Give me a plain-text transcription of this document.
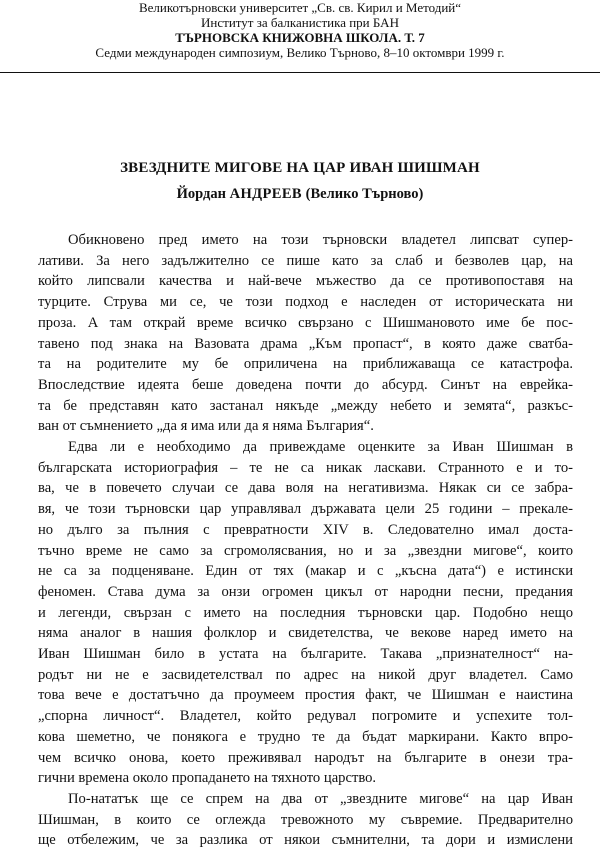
Великотърновски университет „Св. св. Кирил и Методий“
Институт за балканистика при БАН
ТЪРНОВСКА КНИЖОВНА ШКОЛА. Т. 7
Седми международен симпозиум, Велико Търново, 8–10 октомври 1999 г.
ЗВЕЗДНИТЕ МИГОВЕ НА ЦАР ИВАН ШИШМАН
Йордан АНДРЕЕВ (Велико Търново)

Обикновено пред името на този търновски владетел липсват супер-
лативи. За него задължително се пише като за слаб и безволев цар, на
който липсвали качества и най-вече мъжество да се противопоставя на
турците. Струва ми се, че този подход е наследен от историческата ни
проза. А там открай време всичко свързано с Шишмановото име бе пос-
тавено под знака на Вазовата драма „Към пропаст“, в която даже сватба-
та на родителите му бе оприличена на приближаваща се катастрофа.
Впоследствие идеята беше доведена почти до абсурд. Синът на еврейка-
та бе представян като застанал някъде „между небето и земята“, разкъс-
ван от съмнението „да я има или да я няма България“.

Едва ли е необходимо да привеждаме оценките за Иван Шишман в
българската историография – те не са никак ласкави. Странното е и то-
ва, че в повечето случаи се дава воля на негативизма. Някак си се забра-
вя, че този търновски цар управлявал държавата цели 25 години – прекале-
но дълго за пълния с превратности XIV в. Следователно имал доста-
тъчно време не само за сгромолясвания, но и за „звездни мигове“, които
не са за подценяване. Един от тях (макар и с „късна дата“) е истински
феномен. Става дума за онзи огромен цикъл от народни песни, предания
и легенди, свързан с името на последния търновски цар. Подобно нещо
няма аналог в нашия фолклор и свидетелства, че векове наред името на
Иван Шишман било в устата на българите. Такава „признателност“ на-
родът ни не е засвидетелствал по адрес на никой друг владетел. Само
това вече е достатъчно да проумеем простия факт, че Шишман е наистина
„спорна личност“. Владетел, който редувал погромите и успехите тол-
кова шеметно, че понякога е трудно те да бъдат маркирани. Както впро-
чем всичко онова, което преживявал народът на българите в онези тра-
гични времена около пропадането на тяхното царство.

По-нататък ще се спрем на два от „звездните мигове“ на цар Иван
Шишман, в които се оглежда тревожното му съвремие. Предварително
ще отбележим, че за разлика от някои съмнителни, та дори и измислени
